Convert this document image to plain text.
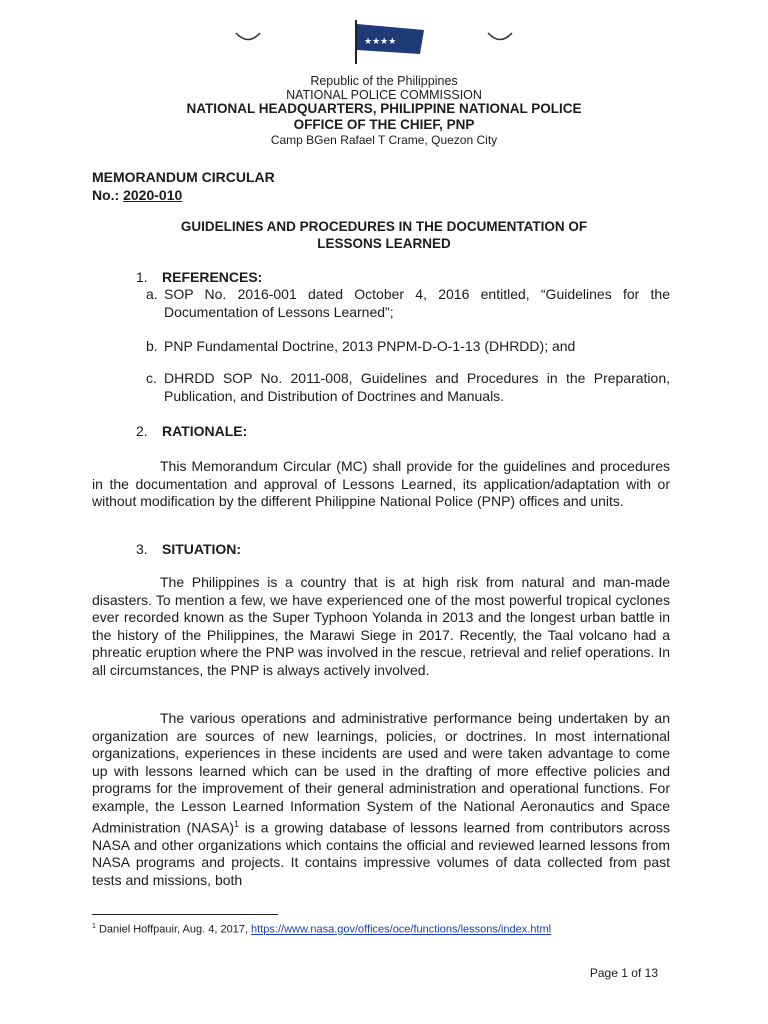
★★★★
Republic of the Philippines
NATIONAL POLICE COMMISSION
NATIONAL HEADQUARTERS, PHILIPPINE NATIONAL POLICE
OFFICE OF THE CHIEF, PNP
Camp BGen Rafael T Crame, Quezon City
MEMORANDUM CIRCULAR
No.: 2020-010
GUIDELINES AND PROCEDURES IN THE DOCUMENTATION OF
LESSONS LEARNED
1. REFERENCES:
a. SOP No. 2016-001 dated October 4, 2016 entitled, “Guidelines for the Documentation of Lessons Learned”;
b. PNP Fundamental Doctrine, 2013 PNPM-D-O-1-13 (DHRDD); and
c. DHRDD SOP No. 2011-008, Guidelines and Procedures in the Preparation, Publication, and Distribution of Doctrines and Manuals.
2. RATIONALE:
This Memorandum Circular (MC) shall provide for the guidelines and procedures in the documentation and approval of Lessons Learned, its application/adaptation with or without modification by the different Philippine National Police (PNP) offices and units.
3. SITUATION:
The Philippines is a country that is at high risk from natural and man-made disasters. To mention a few, we have experienced one of the most powerful tropical cyclones ever recorded known as the Super Typhoon Yolanda in 2013 and the longest urban battle in the history of the Philippines, the Marawi Siege in 2017. Recently, the Taal volcano had a phreatic eruption where the PNP was involved in the rescue, retrieval and relief operations. In all circumstances, the PNP is always actively involved.
The various operations and administrative performance being undertaken by an organization are sources of new learnings, policies, or doctrines. In most international organizations, experiences in these incidents are used and were taken advantage to come up with lessons learned which can be used in the drafting of more effective policies and programs for the improvement of their general administration and operational functions. For example, the Lesson Learned Information System of the National Aeronautics and Space Administration (NASA)$^1$ is a growing database of lessons learned from contributors across NASA and other organizations which contains the official and reviewed learned lessons from NASA programs and projects. It contains impressive volumes of data collected from past tests and missions, both
$^1$ Daniel Hoffpauir, Aug. 4, 2017, https://www.nasa.gov/offices/oce/functions/lessons/index.html
Page 1 of 13
